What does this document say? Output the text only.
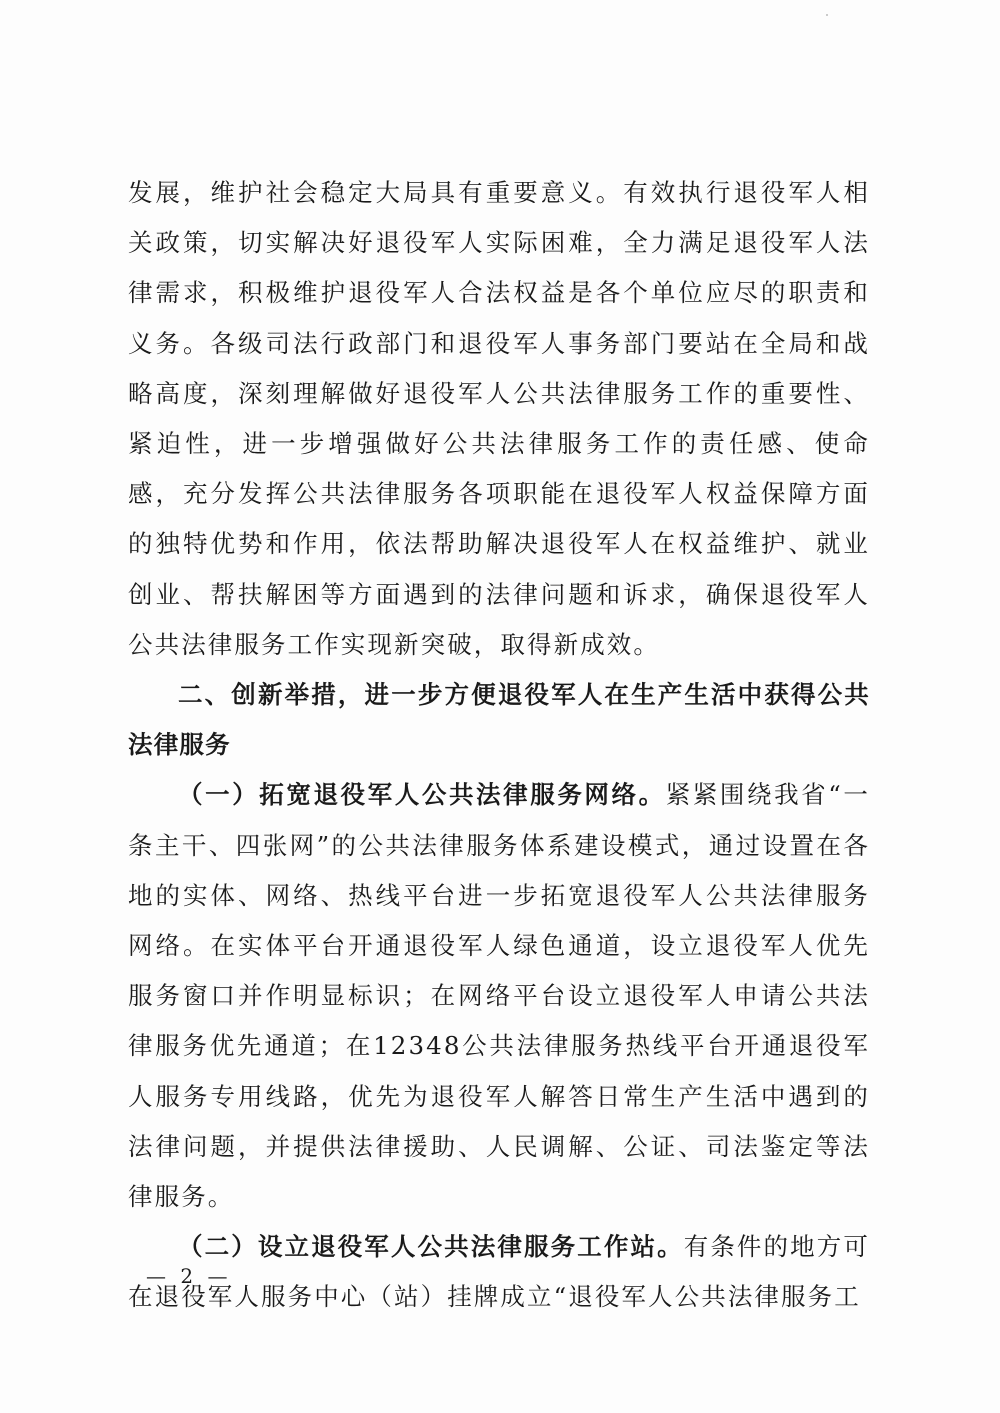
发展，维护社会稳定大局具有重要意义。有效执行退役军人相关政策，切实解决好退役军人实际困难，全力满足退役军人法律需求，积极维护退役军人合法权益是各个单位应尽的职责和义务。各级司法行政部门和退役军人事务部门要站在全局和战略高度，深刻理解做好退役军人公共法律服务工作的重要性、紧迫性，进一步增强做好公共法律服务工作的责任感、使命感，充分发挥公共法律服务各项职能在退役军人权益保障方面的独特优势和作用，依法帮助解决退役军人在权益维护、就业创业、帮扶解困等方面遇到的法律问题和诉求，确保退役军人公共法律服务工作实现新突破，取得新成效。

二、创新举措，进一步方便退役军人在生产生活中获得公共法律服务

（一）拓宽退役军人公共法律服务网络。紧紧围绕我省“一条主干、四张网”的公共法律服务体系建设模式，通过设置在各地的实体、网络、热线平台进一步拓宽退役军人公共法律服务网络。在实体平台开通退役军人绿色通道，设立退役军人优先服务窗口并作明显标识；在网络平台设立退役军人申请公共法律服务优先通道；在12348公共法律服务热线平台开通退役军人服务专用线路，优先为退役军人解答日常生产生活中遇到的法律问题，并提供法律援助、人民调解、公证、司法鉴定等法律服务。

（二）设立退役军人公共法律服务工作站。有条件的地方可在退役军人服务中心（站）挂牌成立“退役军人公共法律服务工

— 2 —
